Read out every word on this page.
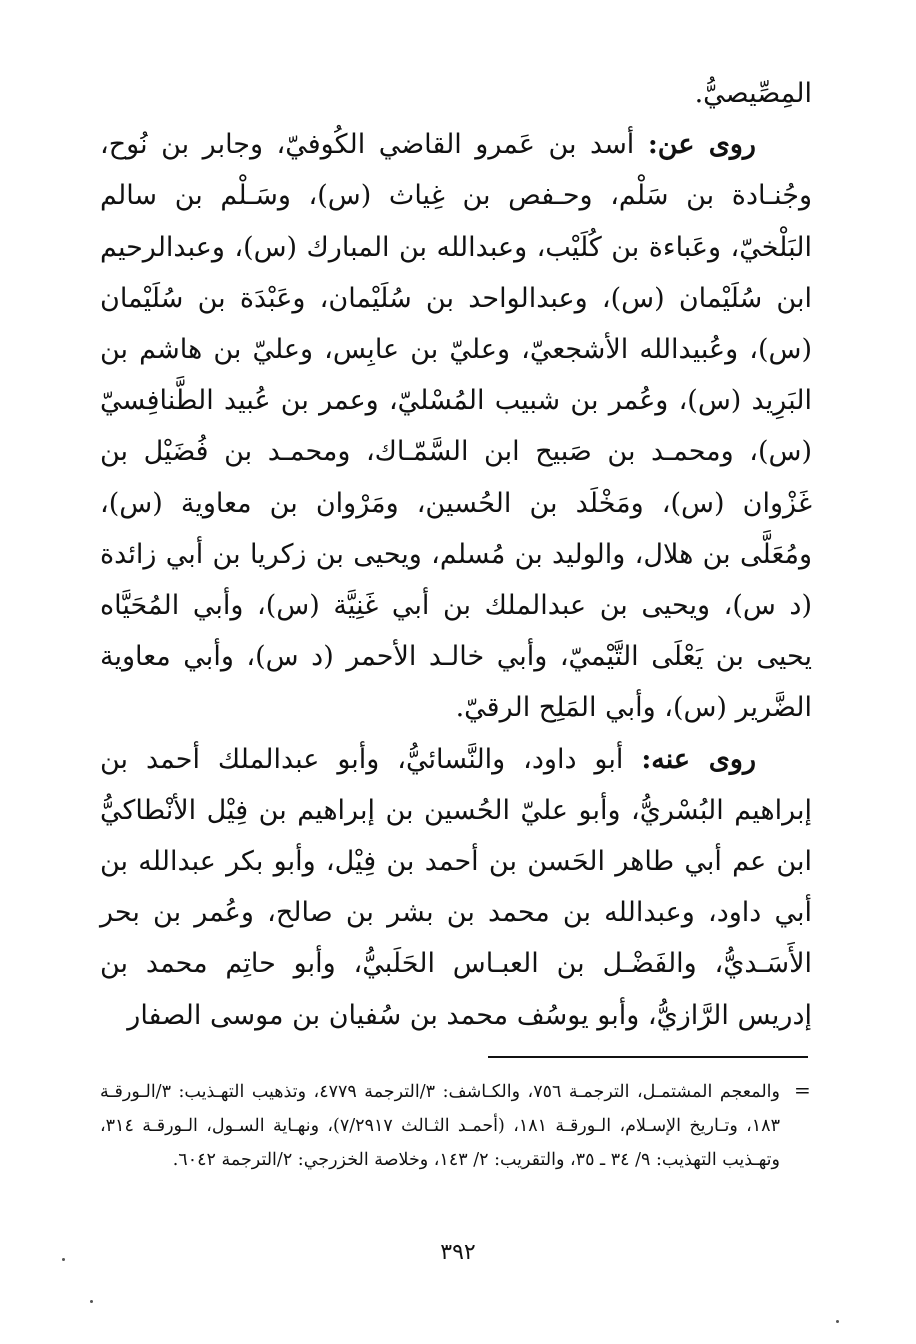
المِصِّيصيُّ.

روى عن: أسد بن عَمرو القاضي الكُوفيّ، وجابر بن نُوح، وجُنـادة بن سَلْم، وحـفص بن غِياث (س)، وسَـلْم بن سالم البَلْخيّ، وعَباءة بن كُلَيْب، وعبدالله بن المبارك (س)، وعبدالرحيم ابن سُلَيْمان (س)، وعبدالواحد بن سُلَيْمان، وعَبْدَة بن سُلَيْمان (س)، وعُبيدالله الأشجعيّ، وعليّ بن عابِس، وعليّ بن هاشم بن البَرِيد (س)، وعُمر بن شبيب المُسْليّ، وعمر بن عُبيد الطَّنافِسيّ (س)، ومحمـد بن صَبيح ابن السَّمّـاك، ومحمـد بن فُضَيْل بن غَزْوان (س)، ومَخْلَد بن الحُسين، ومَرْوان بن معاوية (س)، ومُعَلَّى بن هلال، والوليد بن مُسلم، ويحيى بن زكريا بن أبي زائدة (د س)، ويحيى بن عبدالملك بن أبي غَنِيَّة (س)، وأبي المُحَيَّاه يحيى بن يَعْلَى التَّيْميّ، وأبي خالـد الأحمر (د س)، وأبي معاوية الضَّرير (س)، وأبي المَلِح الرقيّ.

روى عنه: أبو داود، والنَّسائيُّ، وأبو عبدالملك أحمد بن إبراهيم البُسْريُّ، وأبو عليّ الحُسين بن إبراهيم بن فِيْل الأنْطاكيُّ ابن عم أبي طاهر الحَسن بن أحمد بن فِيْل، وأبو بكر عبدالله بن أبي داود، وعبدالله بن محمد بن بشر بن صالح، وعُمر بن بحر الأَسَـديُّ، والفَضْـل بن العبـاس الحَلَبيُّ، وأبو حاتِم محمد بن إدريس الرَّازيُّ، وأبو يوسُف محمد بن سُفيان بن موسى الصفار

=
والمعجم المشتمـل، الترجمـة ٧٥٦، والكـاشف: ٣/الترجمة ٤٧٧٩، وتذهيب التهـذيب: ٣/الـورقـة ١٨٣، وتـاريخ الإسـلام، الـورقـة ١٨١، (أحمـد الثـالث ٧/٢٩١٧)، ونهـاية السـول، الـورقـة ٣١٤، وتهـذيب التهذيب: ٩/ ٣٤ ـ ٣٥، والتقريب: ٢/ ١٤٣، وخلاصة الخزرجي: ٢/الترجمة ٦٠٤٢.
٣٩٢
